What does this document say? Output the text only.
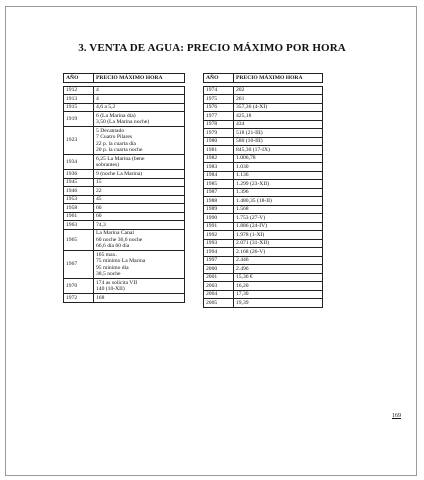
3. VENTA DE AGUA: PRECIO MÁXIMO POR HORA
AÑO	PRECIO MÁXIMO HORA

1912	4

1913	4

1915	4,6 a 5,2

1919	6 (La Marina día)
3,50 (La Marina noche)

1923	5 Decantado
7 Cuatro Pilares
22 p. la cuarta día
20 p. la cuarta noche

1934	6,25 La Marina (bene
sobrantes)

1936	9 (noche La Marina)

1945	15

1946	22

1953	45

1958	60

1961	60

1963	74,3

1965	La Marina Canal
60 noche 36,6 noche
66,6 día 60 día

1967	105 max.
75 mínimo La Marina
95 mínimo día
38,5 noche

1970	174 as solicita VII
140 (10-XII)

1972	168
AÑO	PRECIO MÁXIMO HORA

1974	202
1975	261
1976	357,36 (4-XI)
1977	425,18
1978	434
1979	518 (21-III)
1980	580 (10-III)
1981	845,30 (17-IX)
1982	1.006,78
1983	1.030
1984	1.136
1985	1.299 (23-XII)
1987	1.396
1988	1.480,35 (18-II)
1989	1.568
1990	1.753 (27-V)
1991	1.886 (24-IV)
1992	1.978 (1-XI)
1993	2.071 (31-XII)
1994	2.168 (26-V)
1997	2.446
2000	2.496
2001	15,36 €
2003	16,20
2004	17,30
2005	19,39
169
